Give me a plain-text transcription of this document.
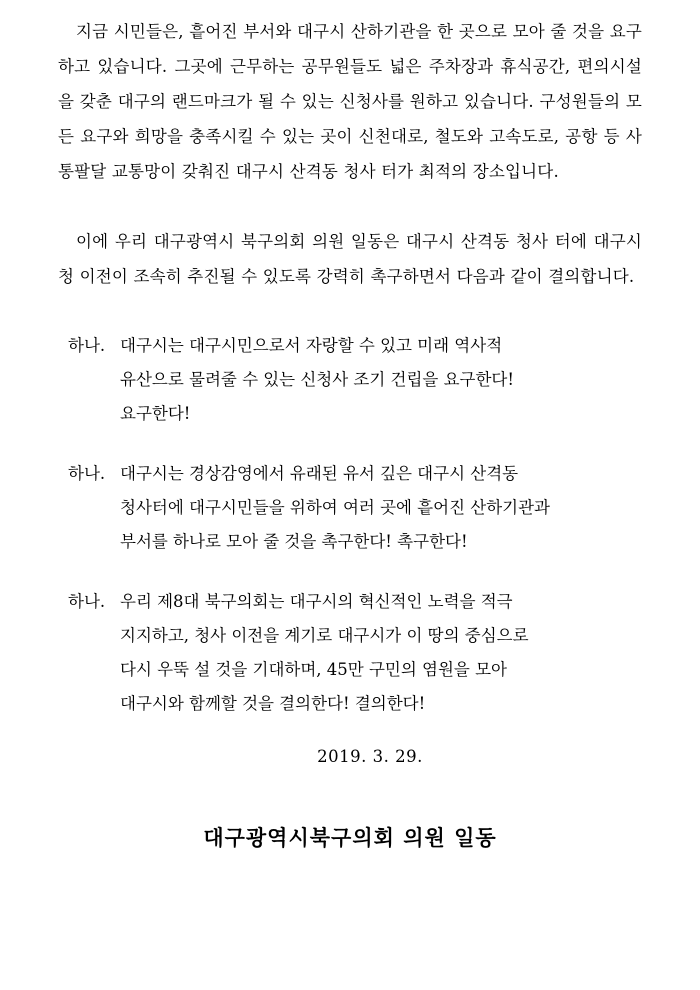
지금 시민들은, 흩어진 부서와 대구시 산하기관을 한 곳으로 모아 줄 것을 요구하고 있습니다. 그곳에 근무하는 공무원들도 넓은 주차장과 휴식공간, 편의시설을 갖춘 대구의 랜드마크가 될 수 있는 신청사를 원하고 있습니다. 구성원들의 모든 요구와 희망을 충족시킬 수 있는 곳이 신천대로, 철도와 고속도로, 공항 등 사통팔달 교통망이 갖춰진 대구시 산격동 청사 터가 최적의 장소입니다.

이에 우리 대구광역시 북구의회 의원 일동은 대구시 산격동 청사 터에 대구시청 이전이 조속히 추진될 수 있도록 강력히 촉구하면서 다음과 같이 결의합니다.

하나. 대구시는 대구시민으로서 자랑할 수 있고 미래 역사적
유산으로 물려줄 수 있는 신청사 조기 건립을 요구한다!
요구한다!
하나. 대구시는 경상감영에서 유래된 유서 깊은 대구시 산격동
청사터에 대구시민들을 위하여 여러 곳에 흩어진 산하기관과
부서를 하나로 모아 줄 것을 촉구한다! 촉구한다!
하나. 우리 제8대 북구의회는 대구시의 혁신적인 노력을 적극
지지하고, 청사 이전을 계기로 대구시가 이 땅의 중심으로
다시 우뚝 설 것을 기대하며, 45만 구민의 염원을 모아
대구시와 함께할 것을 결의한다! 결의한다!
2019. 3. 29.
대구광역시북구의회 의원 일동
